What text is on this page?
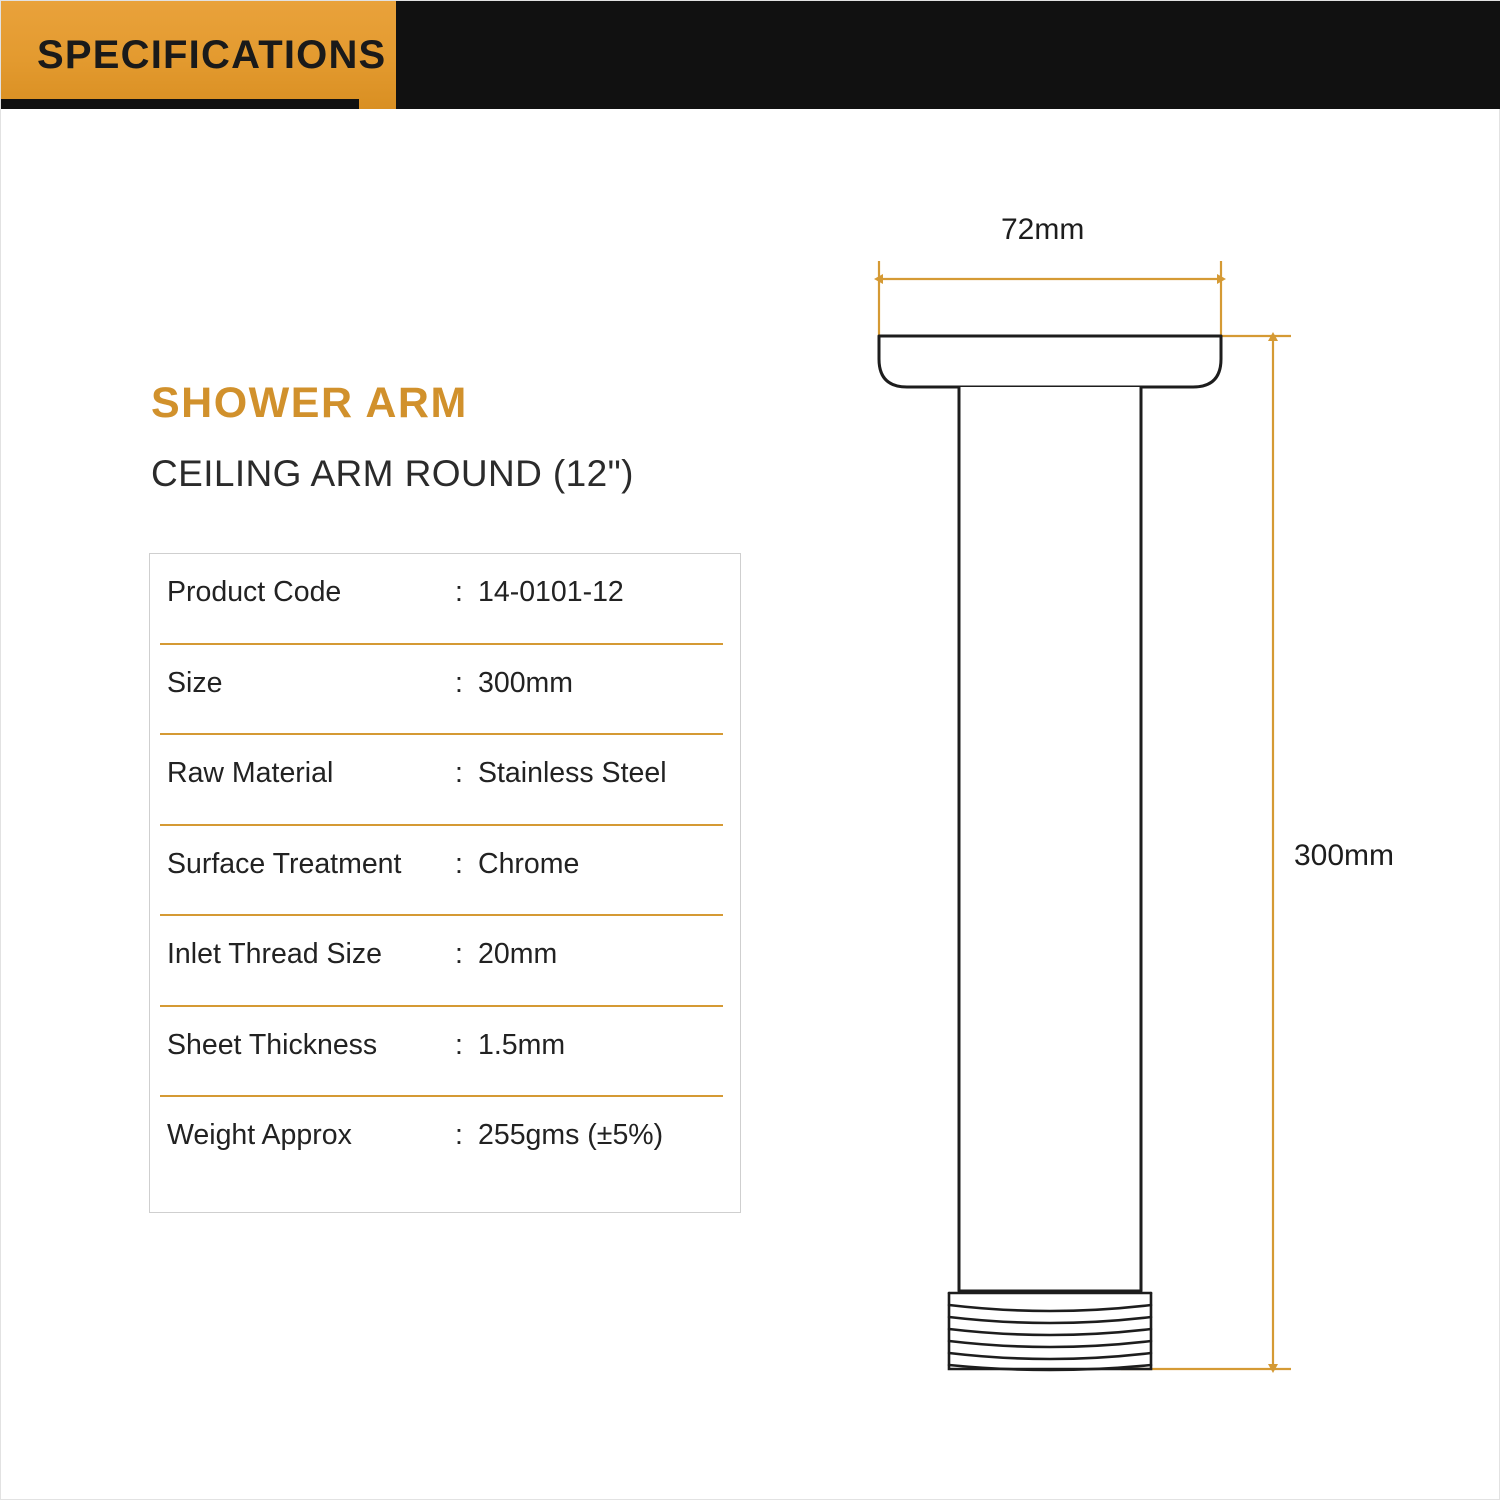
SPECIFICATIONS
SHOWER ARM
CEILING ARM ROUND (12")
Product Code	: 14-0101-12
Size	: 300mm
Raw Material	: Stainless Steel
Surface Treatment : Chrome
Inlet Thread Size	: 20mm
Sheet Thickness	: 1.5mm
Weight Approx	: 255gms (±5%)
72mm
300mm
